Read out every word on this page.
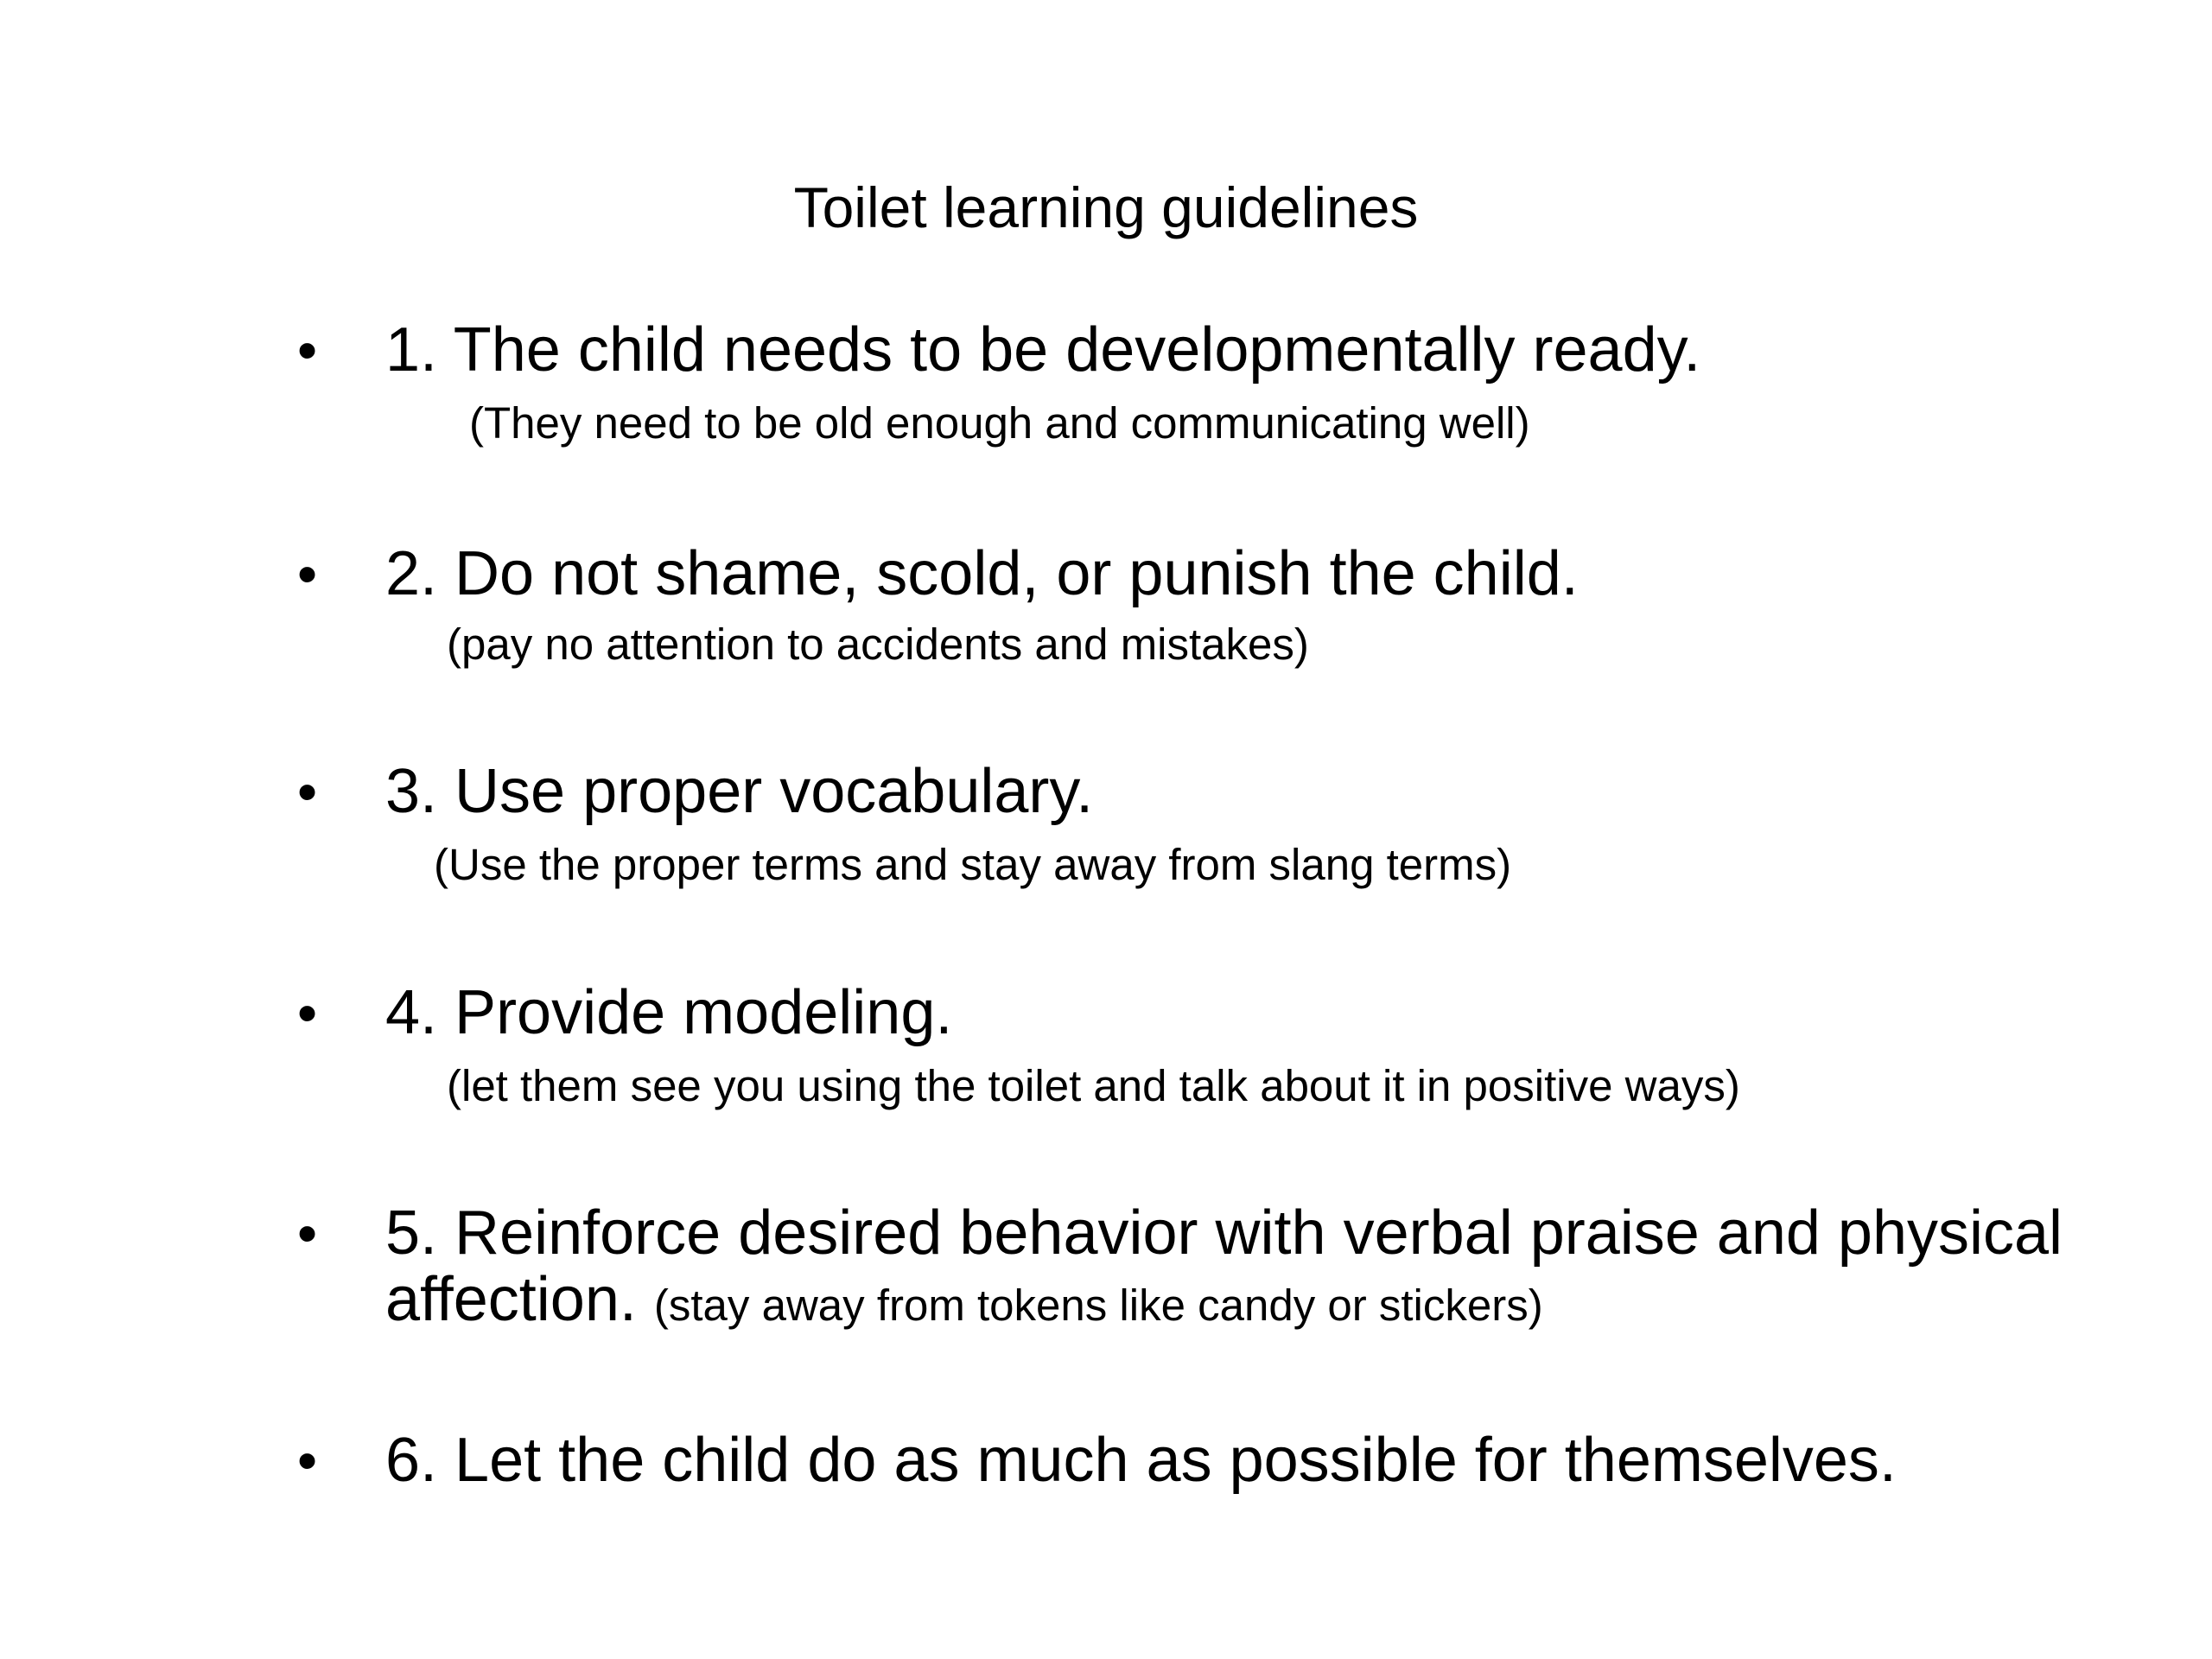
Toilet learning guidelines
• 1. The child needs to be developmentally ready.
(They need to be old enough and communicating well)
• 2. Do not shame, scold, or punish the child.
(pay no attention to accidents and mistakes)
• 3. Use proper vocabulary.
(Use the proper terms and stay away from slang terms)
• 4. Provide modeling.
(let them see you using the toilet and talk about it in positive ways)
• 5. Reinforce desired behavior with verbal praise and physical
affection. (stay away from tokens like candy or stickers)
• 6. Let the child do as much as possible for themselves.
